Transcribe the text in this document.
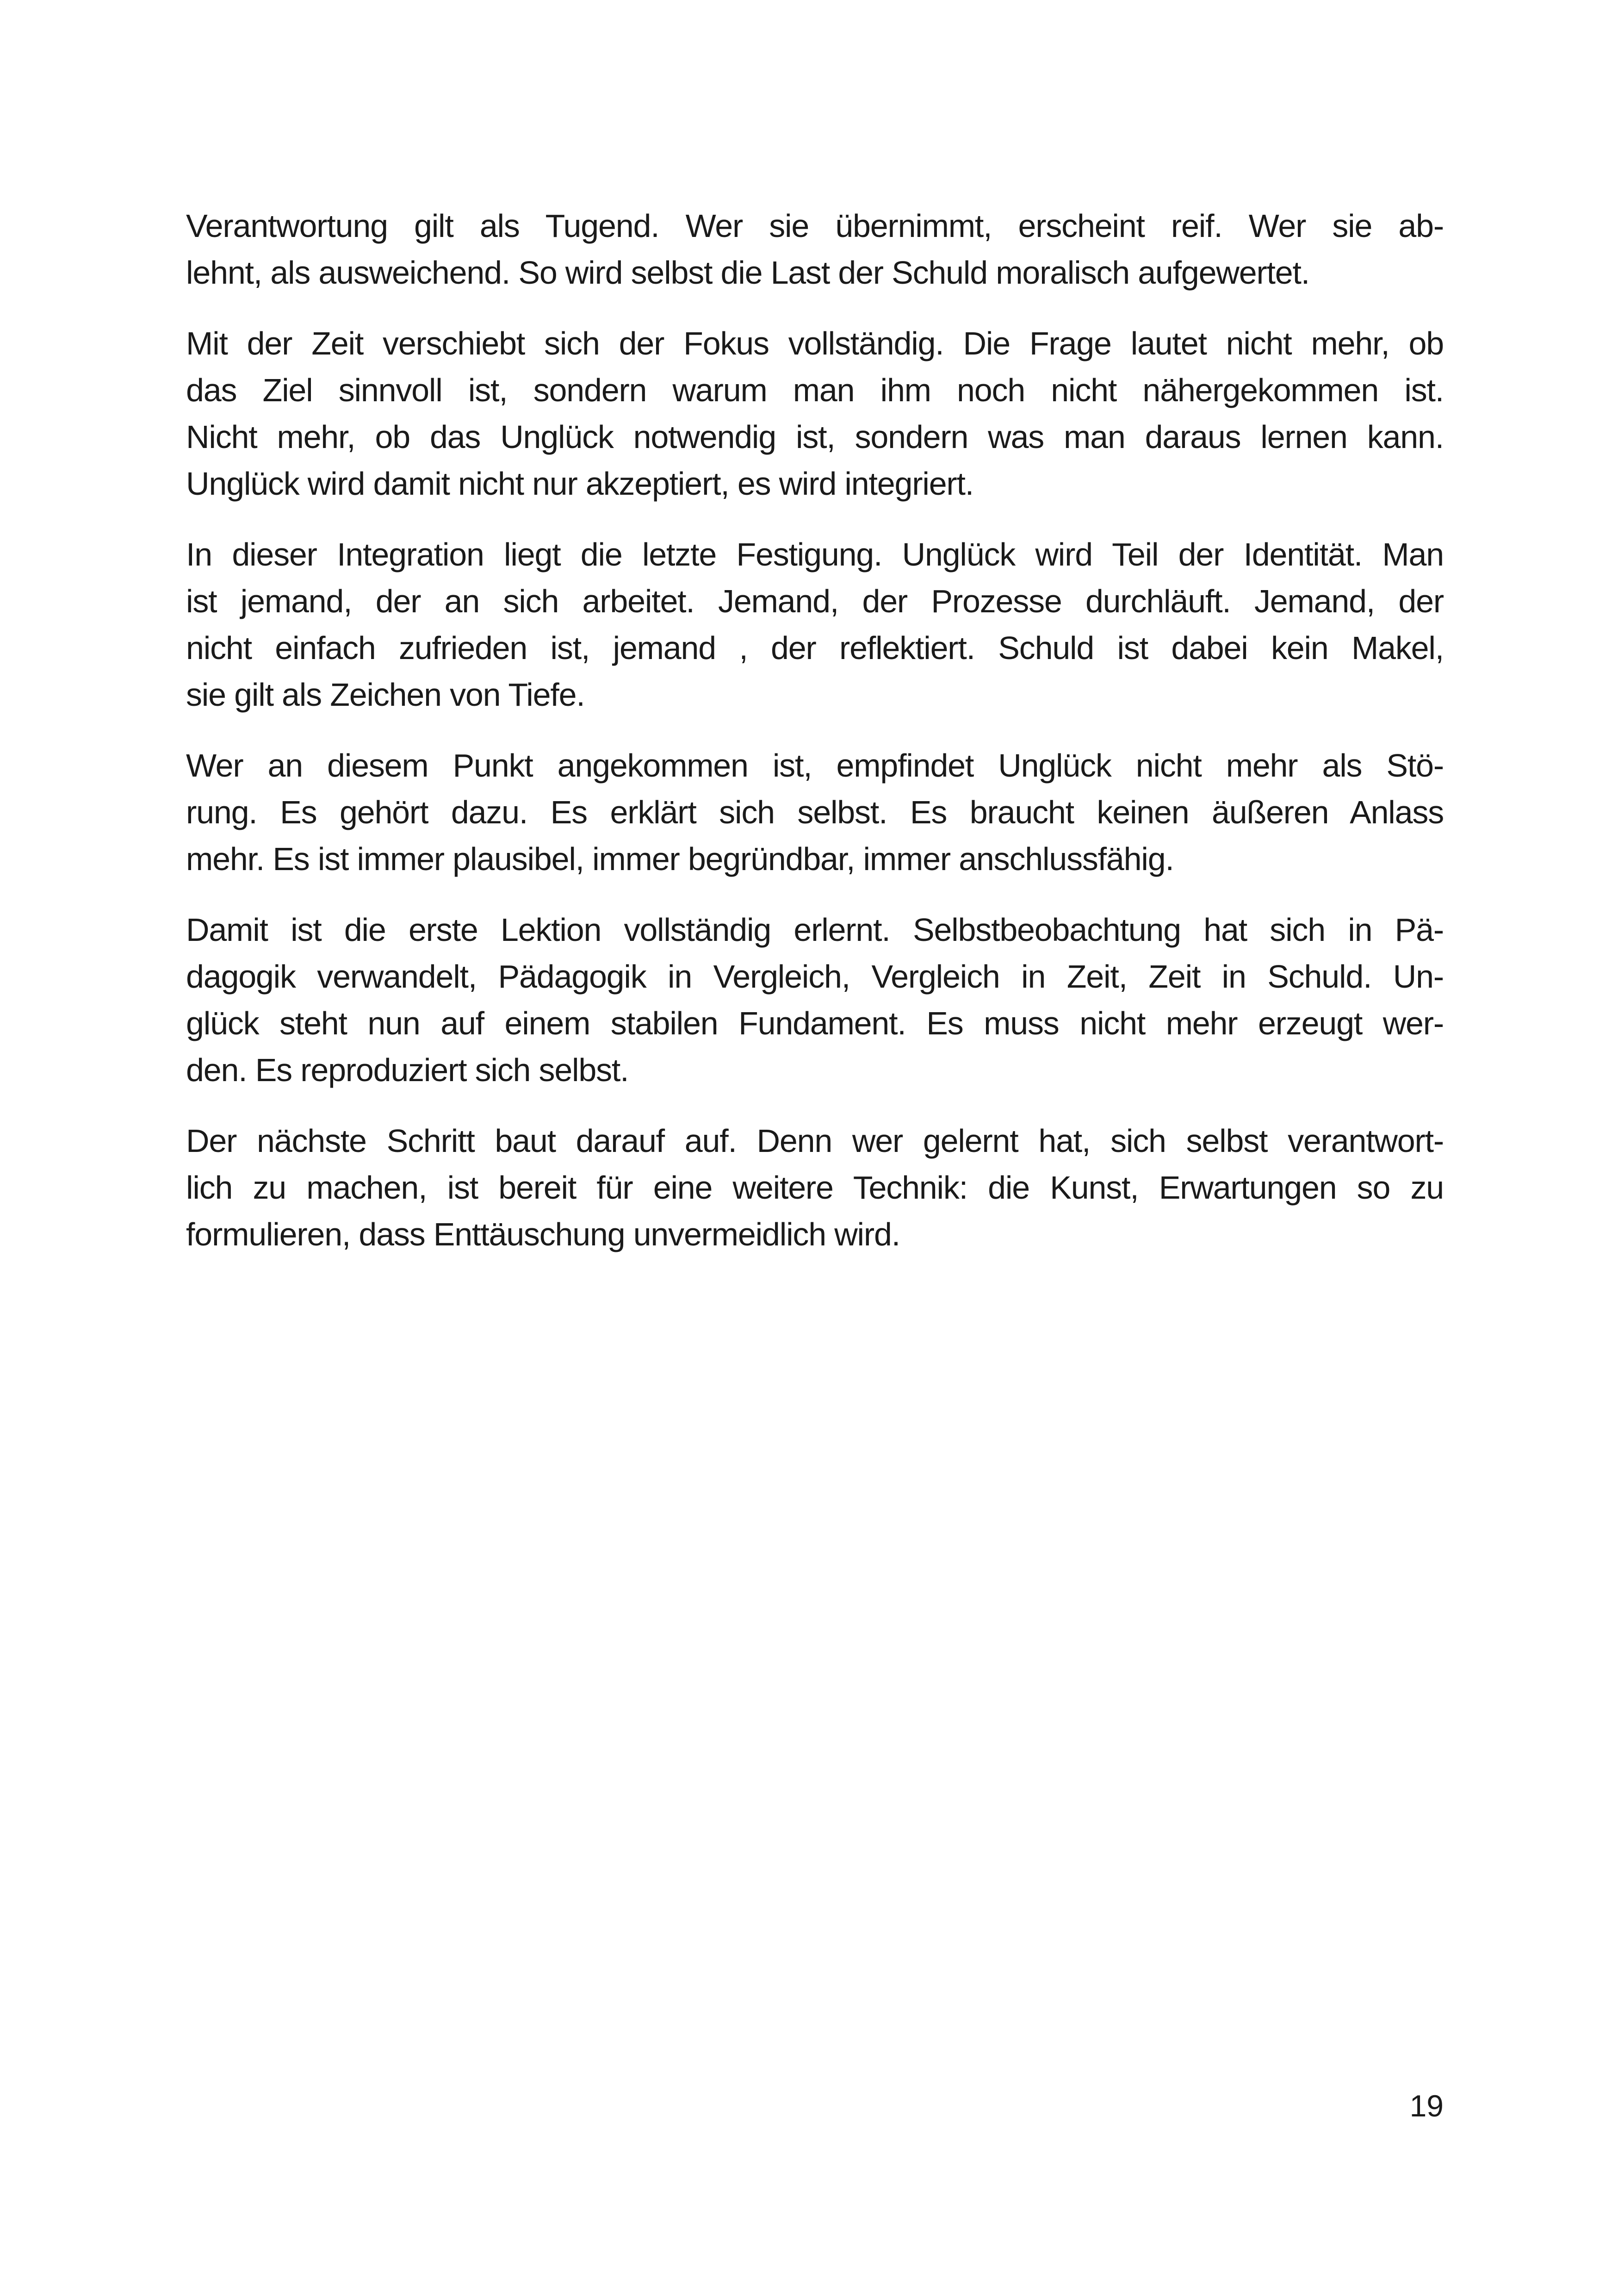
Verantwortung gilt als Tugend. Wer sie übernimmt, erscheint reif. Wer sie ab-
lehnt, als ausweichend. So wird selbst die Last der Schuld moralisch aufgewertet.
Mit der Zeit verschiebt sich der Fokus vollständig. Die Frage lautet nicht mehr, ob
das Ziel sinnvoll ist, sondern warum man ihm noch nicht nähergekommen ist.
Nicht mehr, ob das Unglück notwendig ist, sondern was man daraus lernen kann.
Unglück wird damit nicht nur akzeptiert, es wird integriert.
In dieser Integration liegt die letzte Festigung. Unglück wird Teil der Identität. Man
ist jemand, der an sich arbeitet. Jemand, der Prozesse durchläuft. Jemand, der
nicht einfach zufrieden ist, jemand , der reflektiert. Schuld ist dabei kein Makel,
sie gilt als Zeichen von Tiefe.
Wer an diesem Punkt angekommen ist, empfindet Unglück nicht mehr als Stö-
rung. Es gehört dazu. Es erklärt sich selbst. Es braucht keinen äußeren Anlass
mehr. Es ist immer plausibel, immer begründbar, immer anschlussfähig.
Damit ist die erste Lektion vollständig erlernt. Selbstbeobachtung hat sich in Pä-
dagogik verwandelt, Pädagogik in Vergleich, Vergleich in Zeit, Zeit in Schuld. Un-
glück steht nun auf einem stabilen Fundament. Es muss nicht mehr erzeugt wer-
den. Es reproduziert sich selbst.
Der nächste Schritt baut darauf auf. Denn wer gelernt hat, sich selbst verantwort-
lich zu machen, ist bereit für eine weitere Technik: die Kunst, Erwartungen so zu
formulieren, dass Enttäuschung unvermeidlich wird.
19
